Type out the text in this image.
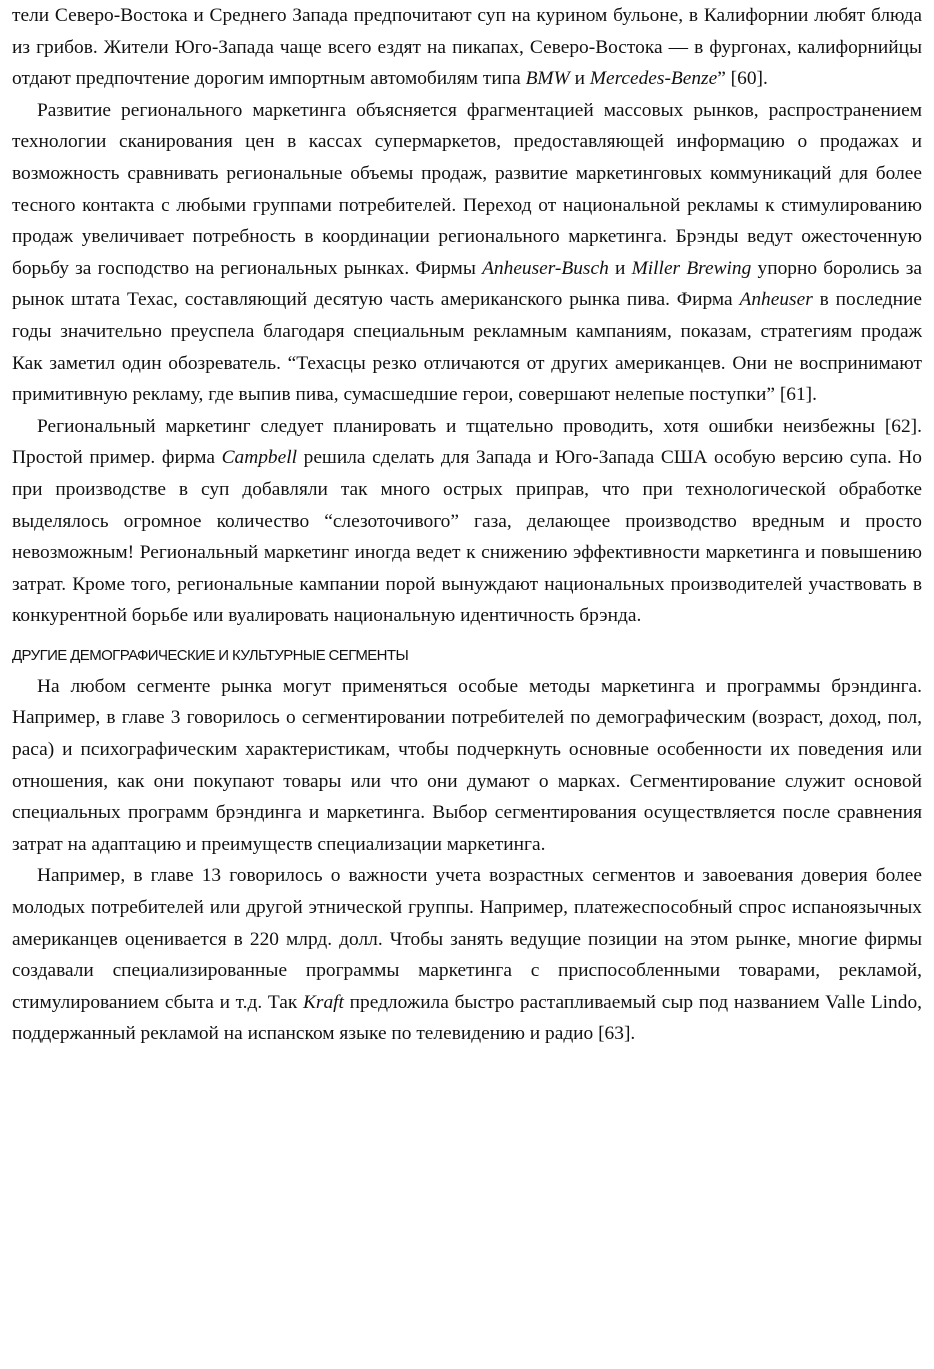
тели Северо-Востока и Среднего Запада предпочитают суп на курином бульоне, в Калифорнии любят блюда из грибов. Жители Юго-Запада чаще всего ездят на пикапах, Северо-Востока — в фургонах, калифорнийцы отдают предпочтение дорогим импортным автомобилям типа BMW и Mercedes-Benze” [60].

Развитие регионального маркетинга объясняется фрагментацией массовых рынков, распространением технологии сканирования цен в кассах супермаркетов, предоставляющей информацию о продажах и возможность сравнивать региональные объемы продаж, развитие маркетинговых коммуникаций для более тесного контакта с любыми группами потребителей. Переход от национальной рекламы к стимулированию продаж увеличивает потребность в координации регионального маркетинга. Брэнды ведут ожесточенную борьбу за господство на региональных рынках. Фирмы Anheuser-Busch и Miller Brewing упорно боролись за рынок штата Техас, составляющий десятую часть американского рынка пива. Фирма Anheuser в последние годы значительно преуспела благодаря специальным рекламным кампаниям, показам, стратегиям продаж Как заметил один обозреватель. “Техасцы резко отличаются от других американцев. Они не воспринимают примитивную рекламу, где выпив пива, сумасшедшие герои, совершают нелепые поступки” [61].

Региональный маркетинг следует планировать и тщательно проводить, хотя ошибки неизбежны [62]. Простой пример. фирма Campbell решила сделать для Запада и Юго-Запада США особую версию супа. Но при производстве в суп добавляли так много острых приправ, что при технологической обработке выделялось огромное количество “слезоточивого” газа, делающее производство вредным и просто невозможным! Региональный маркетинг иногда ведет к снижению эффективности маркетинга и повышению затрат. Кроме того, региональные кампании порой вынуждают национальных производителей участвовать в конкурентной борьбе или вуалировать национальную идентичность брэнда.

ДРУГИЕ ДЕМОГРАФИЧЕСКИЕ И КУЛЬТУРНЫЕ СЕГМЕНТЫ

На любом сегменте рынка могут применяться особые методы маркетинга и программы брэндинга. Например, в главе 3 говорилось о сегментировании потребителей по демографическим (возраст, доход, пол, раса) и психографическим характеристикам, чтобы подчеркнуть основные особенности их поведения или отношения, как они покупают товары или что они думают о марках. Сегментирование служит основой специальных программ брэндинга и маркетинга. Выбор сегментирования осуществляется после сравнения затрат на адаптацию и преимуществ специализации маркетинга.

Например, в главе 13 говорилось о важности учета возрастных сегментов и завоевания доверия более молодых потребителей или другой этнической группы. Например, платежеспособный спрос испаноязычных американцев оценивается в 220 млрд. долл. Чтобы занять ведущие позиции на этом рынке, многие фирмы создавали специализированные программы маркетинга с приспособленными товарами, рекламой, стимулированием сбыта и т.д. Так Kraft предложила быстро растапливаемый сыр под названием Valle Lindo, поддержанный рекламой на испанском языке по телевидению и радио [63].
